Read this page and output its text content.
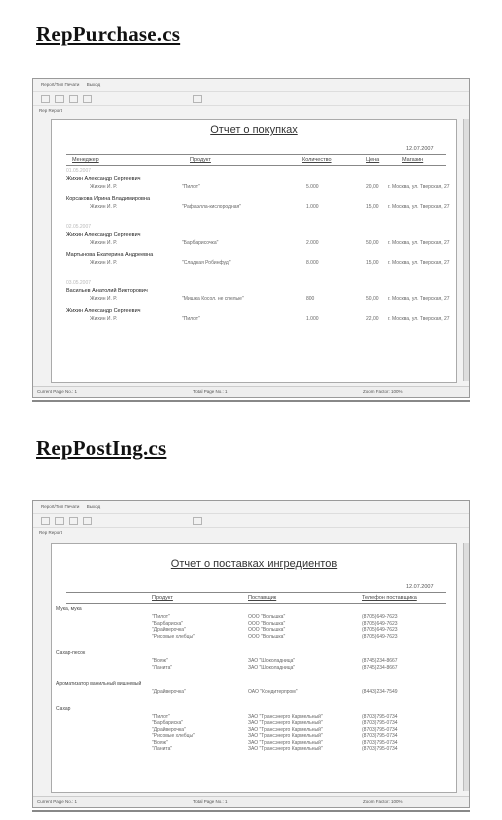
RepPurchase.cs
RepPostIng.cs
Report/Тип Печати Выход
Rep Report
Отчет о покупках
12.07.2007
Менеджер	Продукт	Количество	Цена	Магазин
01.05.2007
Жихин Александр Сергеевич
Жихин И. Р.	"Пилот"	5.000	20,00 г. Москва, ул. Тверская, 27
Корсакова Ирина Владимировна
Жихин И. Р.	"Рафаэлла-кислородная"	1.000	15,00 г. Москва, ул. Тверская, 27
02.05.2007
Жихин Александр Сергеевич
Жихин И. Р.	"Барбарисочка"	2.000	50,00 г. Москва, ул. Тверская, 27
Мартынова Екатерина Андреевна
Жихин И. Р.	"Сладкая Робинфуд"	8.000	15,00 г. Москва, ул. Тверская, 27
03.05.2007
Васильев Анатолий Викторович
Жихин И. Р.	"Мишка Косол. не спелые"	800	50,00 г. Москва, ул. Тверская, 27
Жихин Александр Сергеевич
Жихин И. Р.	"Пилот"	1.000	22,00 г. Москва, ул. Тверская, 27
Current Page No.: 1	Total Page No.: 1	Zoom Factor: 100%
Report/Тип Печати Выход
Rep Report
Отчет о поставках ингредиентов
12.07.2007
Продукт	Поставщик	Телефон поставщика
Мука, мука
"Пилот"	ООО "Вольшка"	(8705)649-7623
"Барбариска"	ООО "Вольшка"	(8705)649-7623
"Драйверочка"	ООО "Вольшка"	(8705)649-7623
"Рисовые хлебцы"	ООО "Вольшка"	(8705)649-7623
Сахар-песок
"Вояж"	ЗАО "Шоколадница"	(8745)234-8667
"Ланита"	ЗАО "Шоколадница"	(8745)234-8667
Ароматизатор ванильный вишневый
"Драйверочка"	ОАО "Кондитерпром"	(8443)234-7549
Сахар
"Пилот"	ЗАО "Трансэнерго Кармельный"	(8703)795-0734
"Барбариска"	ЗАО "Трансэнерго Кармельный"	(8703)795-0734
"Драйверочка"	ЗАО "Трансэнерго Кармельный"	(8703)795-0734
"Рисовые хлебцы"	ЗАО "Трансэнерго Кармельный"	(8703)795-0734
"Вояж"	ЗАО "Трансэнерго Кармельный"	(8703)795-0734
"Ланита"	ЗАО "Трансэнерго Кармельный"	(8703)795-0734
Current Page No.: 1	Total Page No.: 1	Zoom Factor: 100%
